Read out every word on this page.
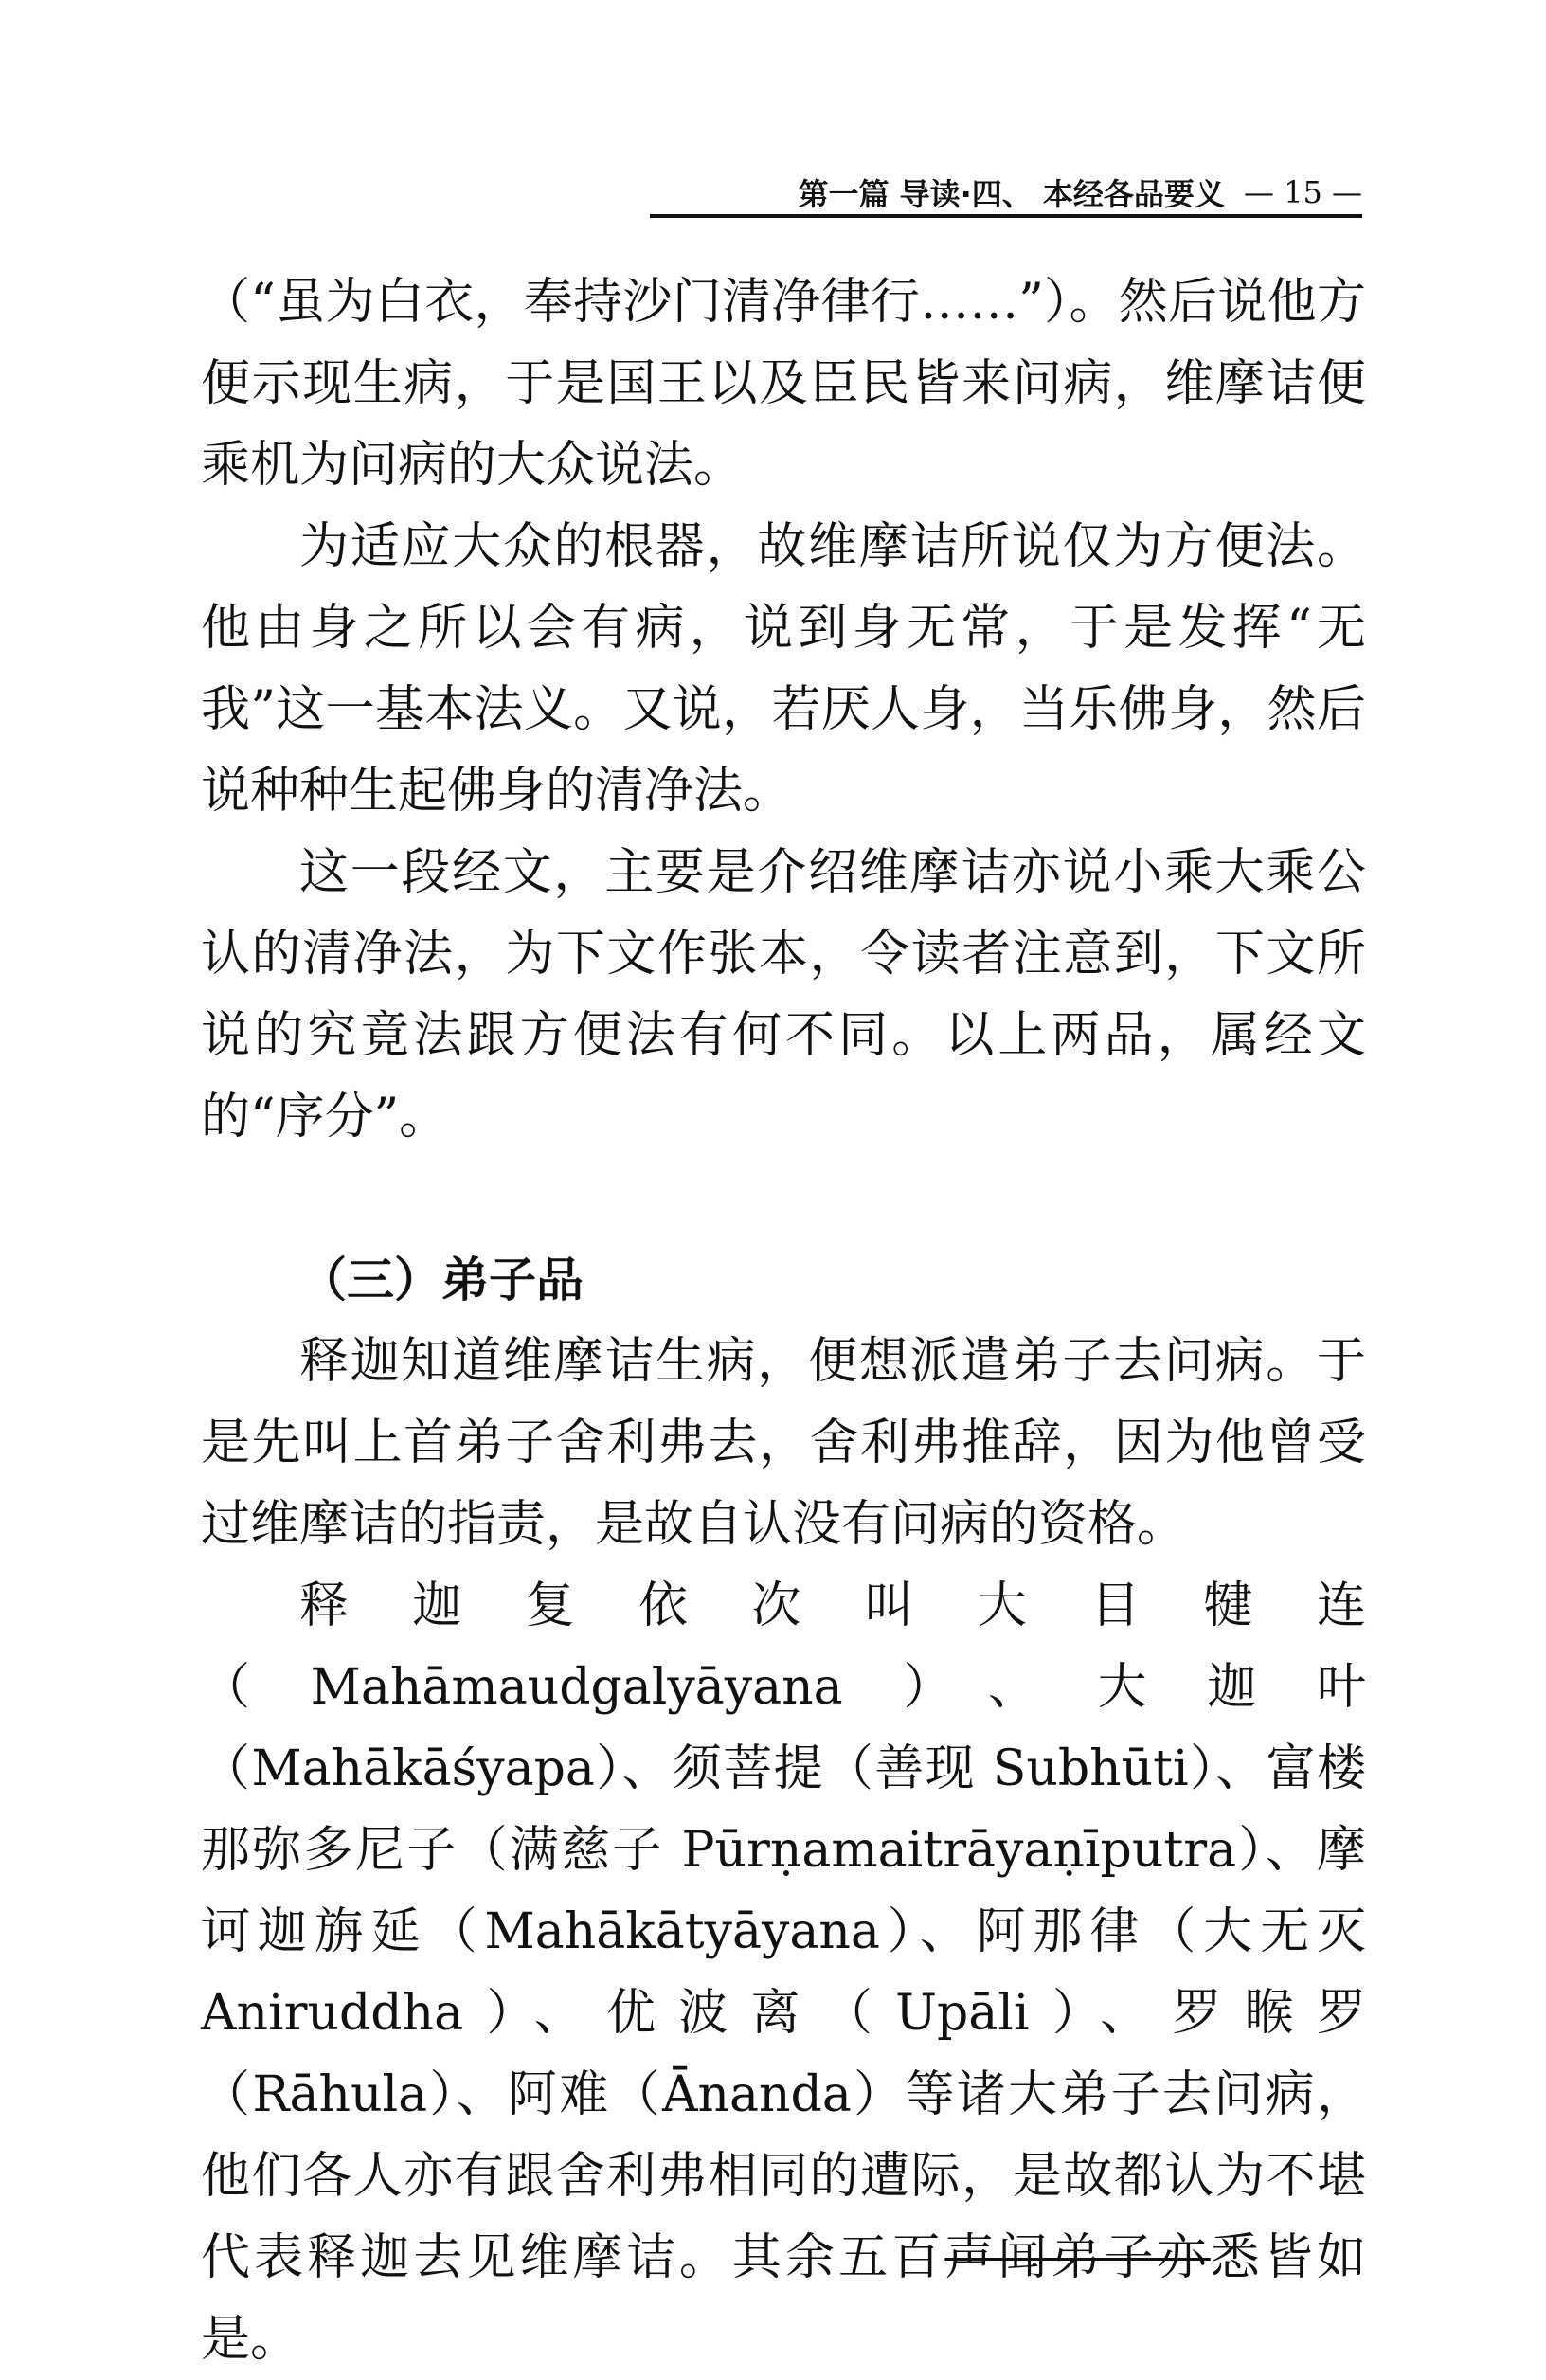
第一篇 导读·四、 本经各品要义 — 15 —

（“虽为白衣，奉持沙门清净律行……”）。然后说他方便示现生病，于是国王以及臣民皆来问病，维摩诘便乘机为问病的大众说法。

为适应大众的根器，故维摩诘所说仅为方便法。他由身之所以会有病，说到身无常，于是发挥“无我”这一基本法义。又说，若厌人身，当乐佛身，然后说种种生起佛身的清净法。

这一段经文，主要是介绍维摩诘亦说小乘大乘公认的清净法，为下文作张本，令读者注意到，下文所说的究竟法跟方便法有何不同。以上两品，属经文的“序分”。

（三）弟子品

释迦知道维摩诘生病，便想派遣弟子去问病。于是先叫上首弟子舍利弗去，舍利弗推辞，因为他曾受过维摩诘的指责，是故自认没有问病的资格。

释迦复依次叫大目犍连（Mahāmaudgalyāyana）、大迦叶（Mahākāśyapa）、须菩提（善现 Subhūti）、富楼那弥多尼子（满慈子 Pūrṇamaitrāyaṇīputra）、摩诃迦旃延（Mahākātyāyana）、阿那律（大无灭 Aniruddha）、优波离（Upāli）、罗睺罗（Rāhula）、阿难（Ānanda）等诸大弟子去问病，他们各人亦有跟舍利弗相同的遭际，是故都认为不堪代表释迦去见维摩诘。其余五百声闻弟子亦悉皆如是。
